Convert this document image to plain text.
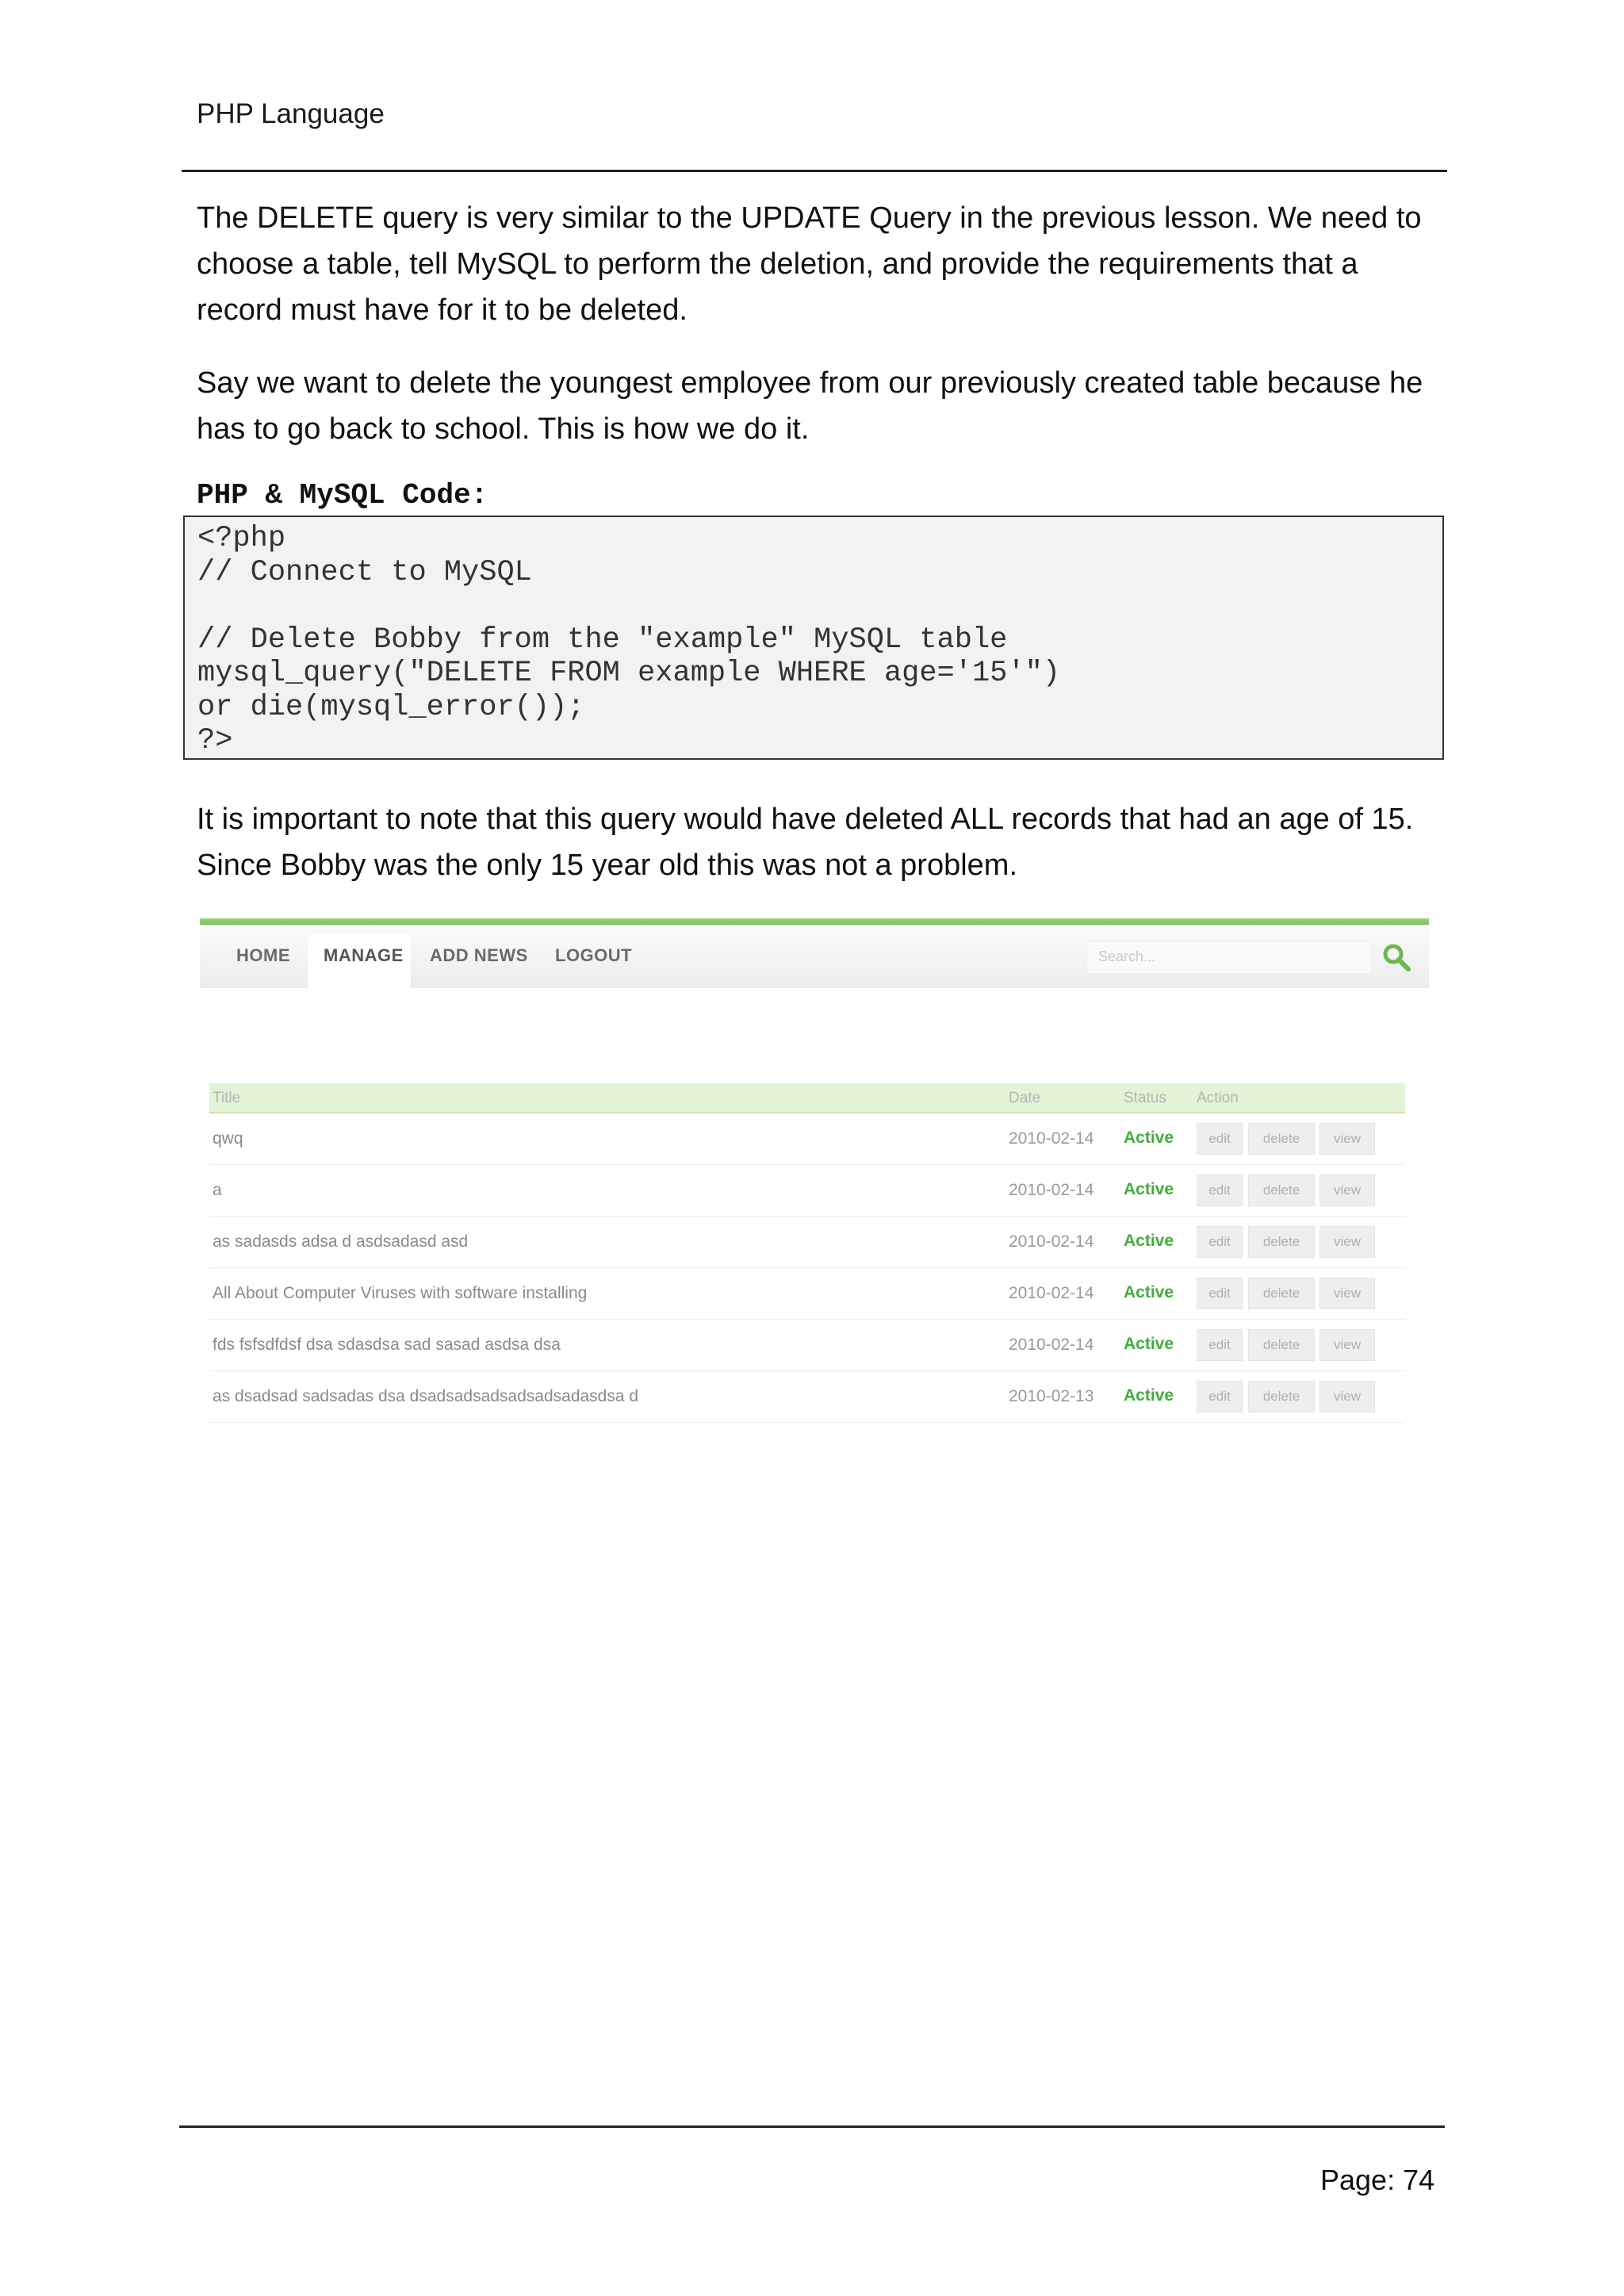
PHP Language

The DELETE query is very similar to the UPDATE Query in the previous lesson. We need to choose a table, tell MySQL to perform the deletion, and provide the requirements that a record must have for it to be deleted.

Say we want to delete the youngest employee from our previously created table because he has to go back to school. This is how we do it.

PHP & MySQL Code:
<?php
// Connect to MySQL
// Delete Bobby from the "example" MySQL table
mysql_query("DELETE FROM example WHERE age='15'")
or die(mysql_error());
?>

It is important to note that this query would have deleted ALL records that had an age of 15. Since Bobby was the only 15 year old this was not a problem.

HOME MANAGE ADD NEWS LOGOUT	Search...
Title	Date	Status Action
qwq	2010-02-14 Active	edit	delete	view
a	2010-02-14 Active	edit	delete	view
as sadasds adsa d asdsadasd asd	2010-02-14 Active	edit	delete	view
All About Computer Viruses with software installing	2010-02-14 Active	edit	delete	view
fds fsfsdfdsf dsa sdasdsa sad sasad asdsa dsa	2010-02-14 Active	edit	delete	view
as dsadsad sadsadas dsa dsadsadsadsadsadsadasdsa d	2010-02-13 Active	edit	delete	view
Page: 74
